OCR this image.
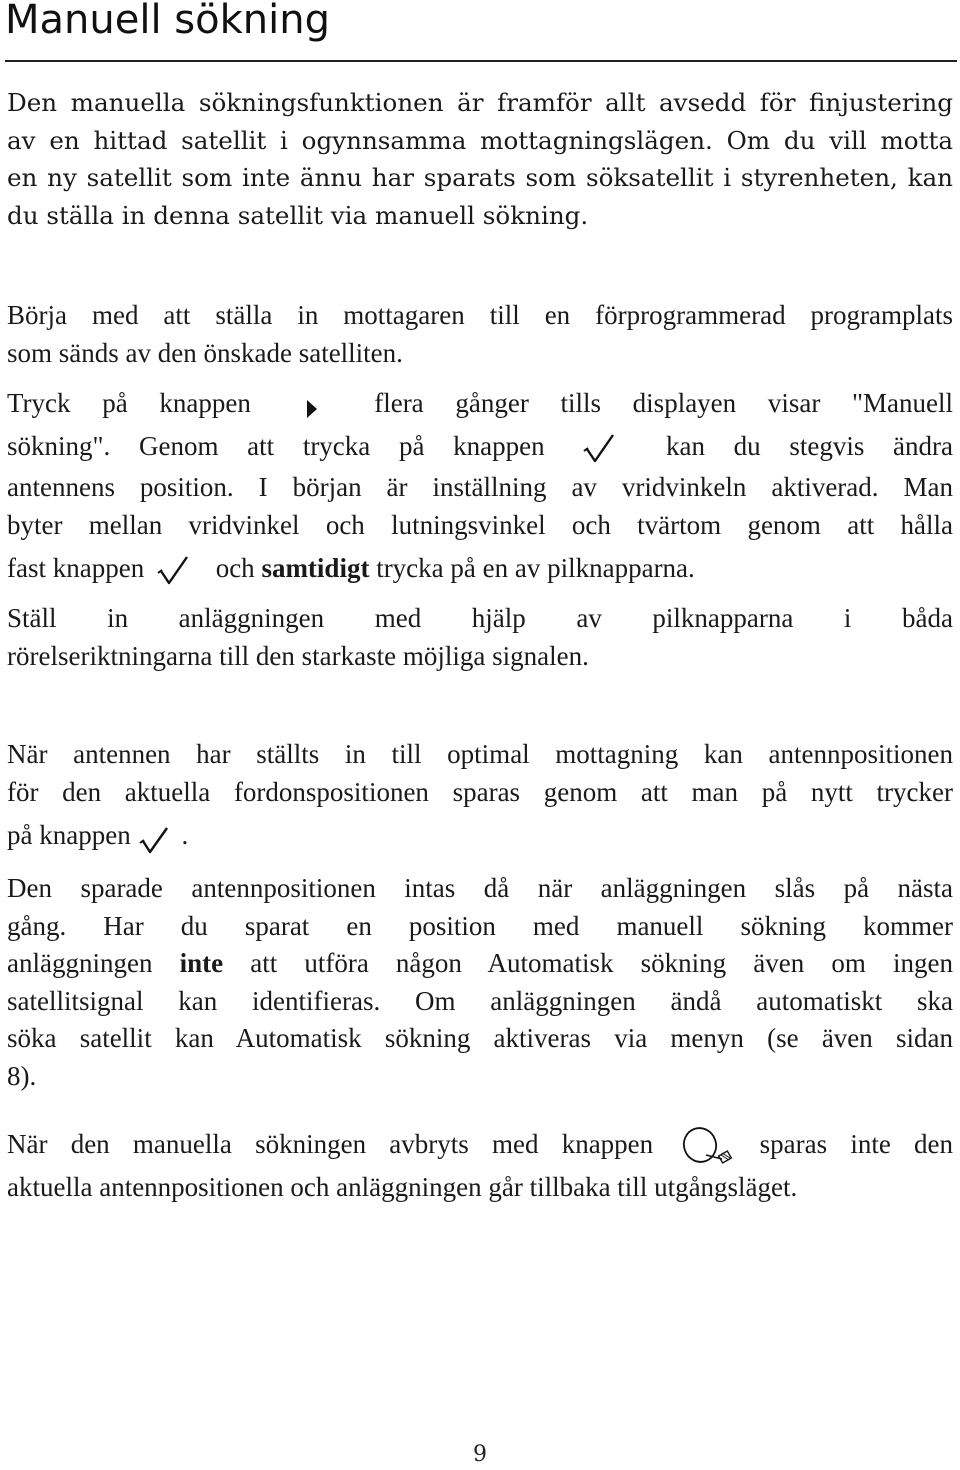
Manuell sökning
Den manuella sökningsfunktionen är framför allt avsedd för finjustering
av en hittad satellit i ogynnsamma mottagningslägen. Om du vill motta
en ny satellit som inte ännu har sparats som söksatellit i styrenheten, kan
du ställa in denna satellit via manuell sökning.
Börja med att ställa in mottagaren till en förprogrammerad programplats
som sänds av den önskade satelliten.
Tryck på knappen	flera gånger tills displayen visar "Manuell
sökning". Genom att trycka på knappen	kan du stegvis ändra
antennens position. I början är inställning av vridvinkeln aktiverad. Man
byter mellan vridvinkel och lutningsvinkel och tvärtom genom att hålla
fast knappen	och samtidigt trycka på en av pilknapparna.
Ställ in anläggningen med hjälp av pilknapparna i båda
rörelseriktningarna till den starkaste möjliga signalen.
När antennen har ställts in till optimal mottagning kan antennpositionen
för den aktuella fordonspositionen sparas genom att man på nytt trycker
på knappen .
Den sparade antennpositionen intas då när anläggningen slås på nästa
gång. Har du sparat en position med manuell sökning kommer
anläggningen inte att utföra någon Automatisk sökning även om ingen
satellitsignal kan identifieras. Om anläggningen ändå automatiskt ska
söka satellit kan Automatisk sökning aktiveras via menyn (se även sidan
8).
När den manuella sökningen avbryts med knappen	sparas inte den
aktuella antennpositionen och anläggningen går tillbaka till utgångsläget.
9
